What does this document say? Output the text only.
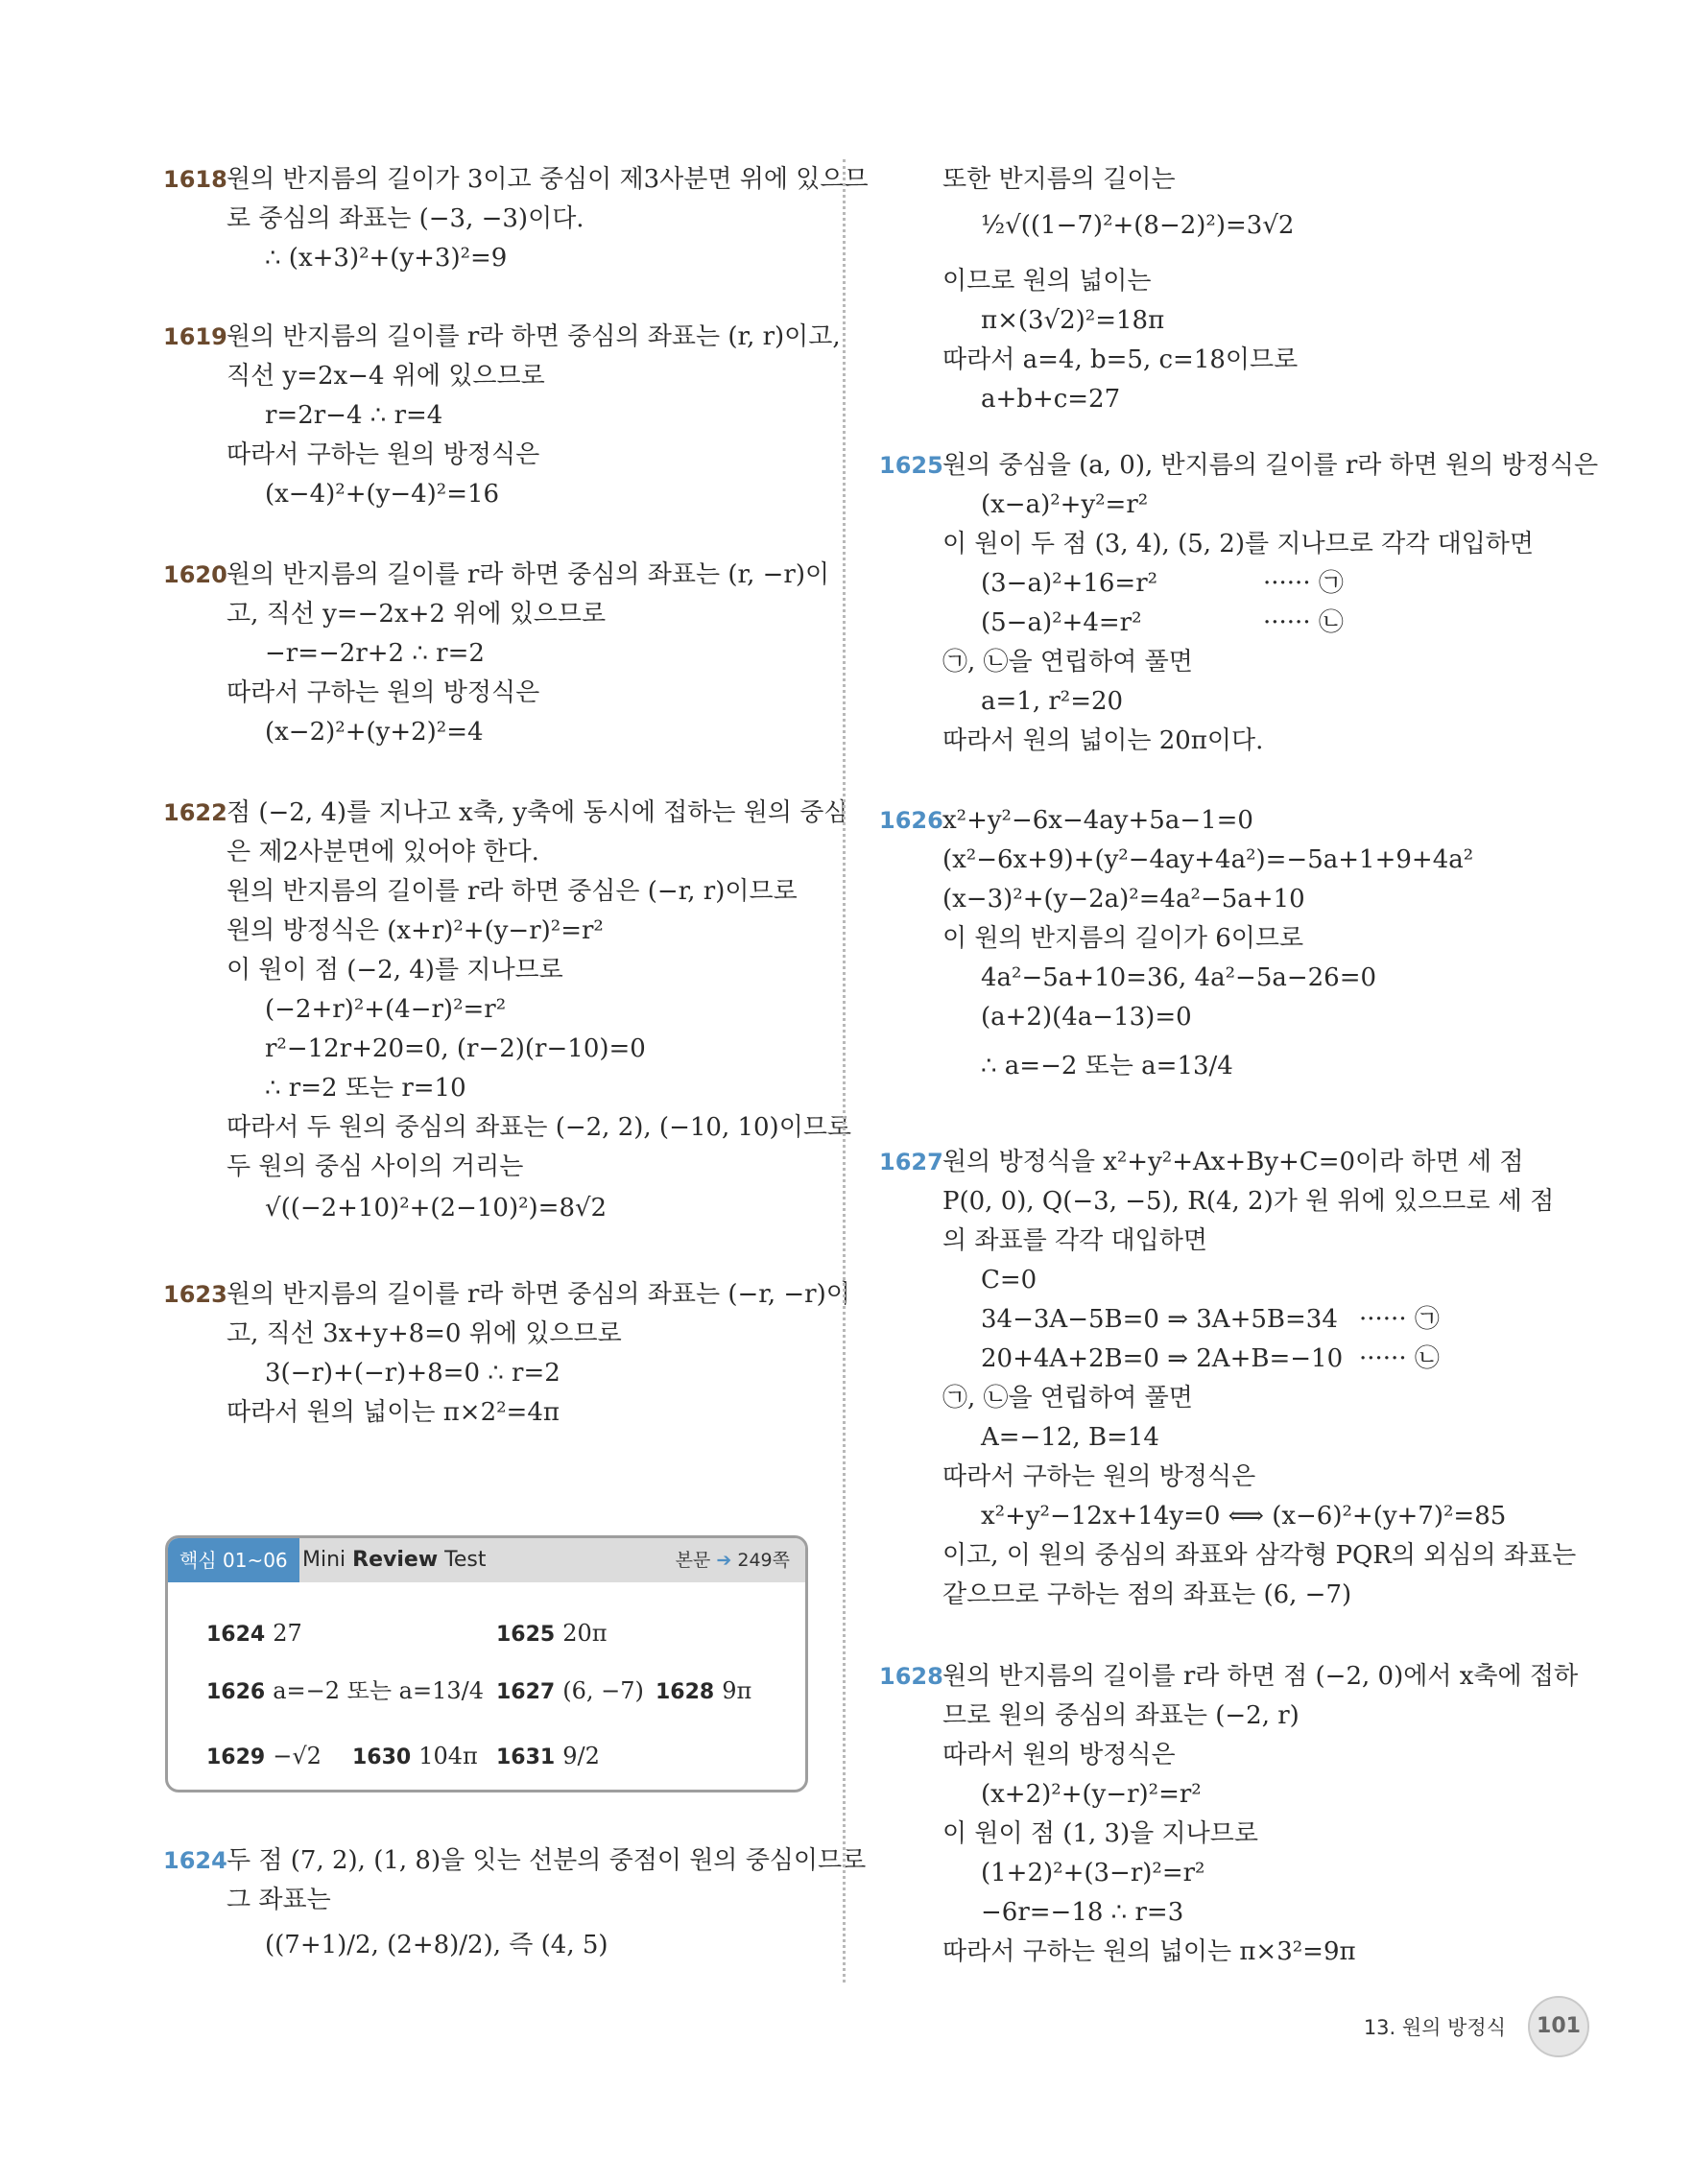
1618 원의 반지름의 길이가 3이고 중심이 제3사분면 위에 있으므
로 중심의 좌표는 (−3, −3)이다.
∴ (x+3)²+(y+3)²=9
1619 원의 반지름의 길이를 r라 하면 중심의 좌표는 (r, r)이고,
직선 y=2x−4 위에 있으므로
r=2r−4 ∴ r=4
따라서 구하는 원의 방정식은
(x−4)²+(y−4)²=16
1620 원의 반지름의 길이를 r라 하면 중심의 좌표는 (r, −r)이
고, 직선 y=−2x+2 위에 있으므로
−r=−2r+2 ∴ r=2
따라서 구하는 원의 방정식은
(x−2)²+(y+2)²=4
1622 점 (−2, 4)를 지나고 x축, y축에 동시에 접하는 원의 중심
은 제2사분면에 있어야 한다.
원의 반지름의 길이를 r라 하면 중심은 (−r, r)이므로
원의 방정식은 (x+r)²+(y−r)²=r²
이 원이 점 (−2, 4)를 지나므로
(−2+r)²+(4−r)²=r²
r²−12r+20=0, (r−2)(r−10)=0
∴ r=2 또는 r=10
따라서 두 원의 중심의 좌표는 (−2, 2), (−10, 10)이므로
두 원의 중심 사이의 거리는
√((−2+10)²+(2−10)²)=8√2
1623 원의 반지름의 길이를 r라 하면 중심의 좌표는 (−r, −r)이
고, 직선 3x+y+8=0 위에 있으므로
3(−r)+(−r)+8=0 ∴ r=2
따라서 원의 넓이는 π×2²=4π
1624 두 점 (7, 2), (1, 8)을 잇는 선분의 중점이 원의 중심이므로
그 좌표는
((7+1)/2, (2+8)/2), 즉 (4, 5)
핵심 01~06 Mini Review Test	본문 ➔ 249쪽
1624 27	1625 20π
1626 a=−2 또는 a=13/4 1627 (6, −7) 1628 9π
1629 −√2 1630 104π 1631 9/2
또한 반지름의 길이는
½√((1−7)²+(8−2)²)=3√2
이므로 원의 넓이는
π×(3√2)²=18π
따라서 a=4, b=5, c=18이므로
a+b+c=27
1625 원의 중심을 (a, 0), 반지름의 길이를 r라 하면 원의 방정식은
(x−a)²+y²=r²
이 원이 두 점 (3, 4), (5, 2)를 지나므로 각각 대입하면
(3−a)²+16=r²	······ ㉠
(5−a)²+4=r²	······ ㉡
㉠, ㉡을 연립하여 풀면
a=1, r²=20
따라서 원의 넓이는 20π이다.
1626 x²+y²−6x−4ay+5a−1=0
(x²−6x+9)+(y²−4ay+4a²)=−5a+1+9+4a²
(x−3)²+(y−2a)²=4a²−5a+10
이 원의 반지름의 길이가 6이므로
4a²−5a+10=36, 4a²−5a−26=0
(a+2)(4a−13)=0
∴ a=−2 또는 a=13/4
1627 원의 방정식을 x²+y²+Ax+By+C=0이라 하면 세 점
P(0, 0), Q(−3, −5), R(4, 2)가 원 위에 있으므로 세 점
의 좌표를 각각 대입하면
C=0
34−3A−5B=0 ⇒ 3A+5B=34 ······ ㉠
20+4A+2B=0 ⇒ 2A+B=−10 ······ ㉡
㉠, ㉡을 연립하여 풀면
A=−12, B=14
따라서 구하는 원의 방정식은
x²+y²−12x+14y=0 ⟺ (x−6)²+(y+7)²=85
이고, 이 원의 중심의 좌표와 삼각형 PQR의 외심의 좌표는
같으므로 구하는 점의 좌표는 (6, −7)
1628 원의 반지름의 길이를 r라 하면 점 (−2, 0)에서 x축에 접하
므로 원의 중심의 좌표는 (−2, r)
따라서 원의 방정식은
(x+2)²+(y−r)²=r²
이 원이 점 (1, 3)을 지나므로
(1+2)²+(3−r)²=r²
−6r=−18 ∴ r=3
따라서 구하는 원의 넓이는 π×3²=9π
13. 원의 방정식	101
